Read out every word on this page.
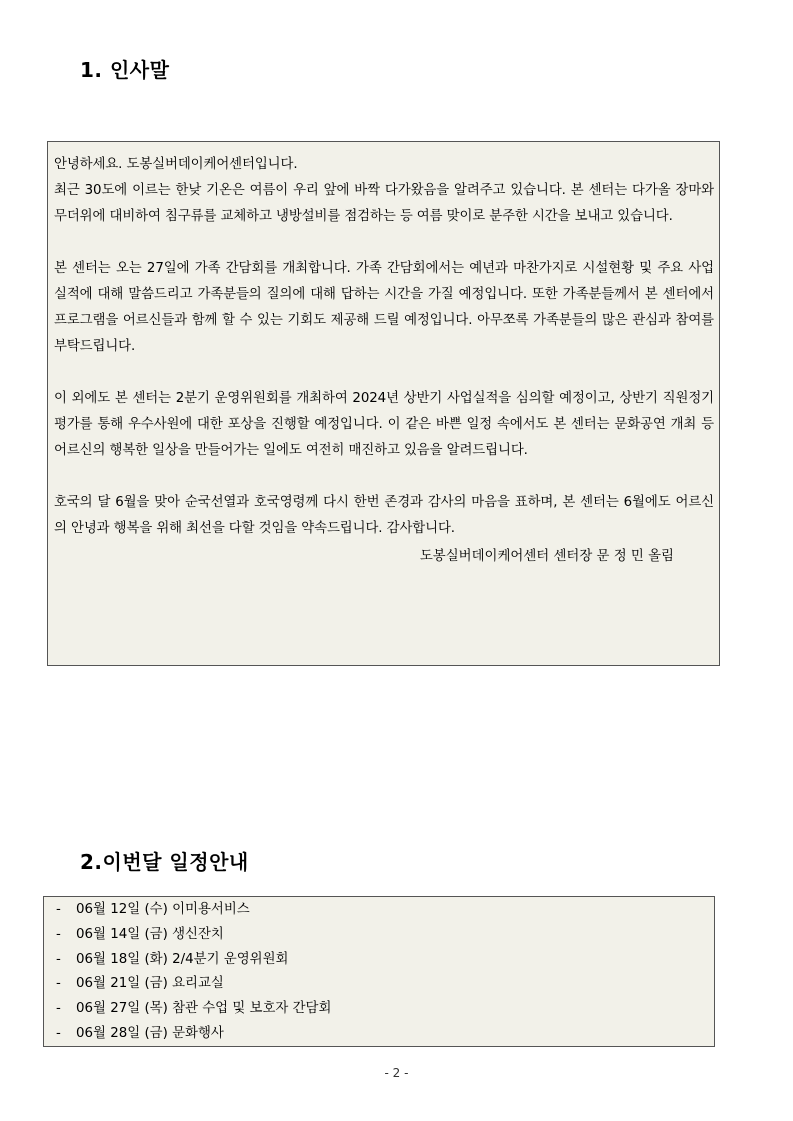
1. 인사말

안녕하세요. 도봉실버데이케어센터입니다.
최근 30도에 이르는 한낮 기온은 여름이 우리 앞에 바짝 다가왔음을 알려주고 있습니다. 본 센터는 다가올 장마와 무더위에 대비하여 침구류를 교체하고 냉방설비를 점검하는 등 여름 맞이로 분주한 시간을 보내고 있습니다.

본 센터는 오는 27일에 가족 간담회를 개최합니다. 가족 간담회에서는 예년과 마찬가지로 시설현황 및 주요 사업 실적에 대해 말씀드리고 가족분들의 질의에 대해 답하는 시간을 가질 예정입니다. 또한 가족분들께서 본 센터에서 프로그램을 어르신들과 함께 할 수 있는 기회도 제공해 드릴 예정입니다. 아무쪼록 가족분들의 많은 관심과 참여를 부탁드립니다.

이 외에도 본 센터는 2분기 운영위원회를 개최하여 2024년 상반기 사업실적을 심의할 예정이고, 상반기 직원정기평가를 통해 우수사원에 대한 포상을 진행할 예정입니다. 이 같은 바쁜 일정 속에서도 본 센터는 문화공연 개최 등 어르신의 행복한 일상을 만들어가는 일에도 여전히 매진하고 있음을 알려드립니다.

호국의 달 6월을 맞아 순국선열과 호국영령께 다시 한번 존경과 감사의 마음을 표하며, 본 센터는 6월에도 어르신의 안녕과 행복을 위해 최선을 다할 것임을 약속드립니다. 감사합니다.

도봉실버데이케어센터 센터장 문 정 민 올림
2.이번달 일정안내
- 06월 12일 (수) 이미용서비스
- 06월 14일 (금) 생신잔치
- 06월 18일 (화) 2/4분기 운영위원회
- 06월 21일 (금) 요리교실
- 06월 27일 (목) 참관 수업 및 보호자 간담회
- 06월 28일 (금) 문화행사
- 2 -
